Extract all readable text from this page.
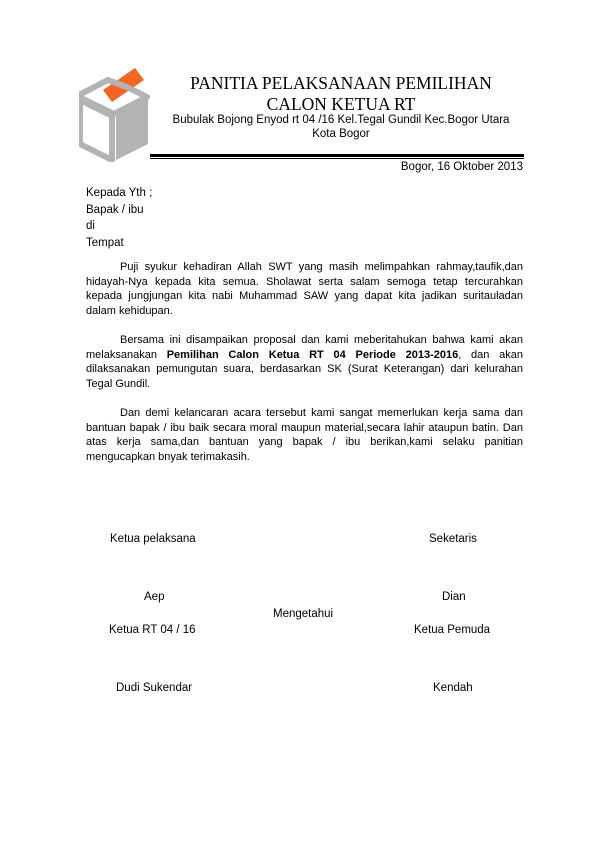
PANITIA PELAKSANAAN PEMILIHAN
CALON KETUA RT
Bubulak Bojong Enyod rt 04 /16 Kel.Tegal Gundil Kec.Bogor Utara
Kota Bogor
Bogor, 16 Oktober 2013
Kepada Yth ;
Bapak / ibu
di
Tempat
Puji syukur kehadiran Allah SWT yang masih melimpahkan rahmay,taufik,dan hidayah-Nya kepada kita semua. Sholawat serta salam semoga tetap tercurahkan kepada jungjungan kita nabi Muhammad SAW yang dapat kita jadikan suritauladan dalam kehidupan.
Bersama ini disampaikan proposal dan kami meberitahukan bahwa kami akan melaksanakan Pemilihan Calon Ketua RT 04 Periode 2013-2016, dan akan dilaksanakan pemungutan suara, berdasarkan SK (Surat Keterangan) dari kelurahan Tegal Gundil.
Dan demi kelancaran acara tersebut kami sangat memerlukan kerja sama dan bantuan bapak / ibu baik secara moral maupun material,secara lahir ataupun batin. Dan atas kerja sama,dan bantuan yang bapak / ibu berikan,kami selaku panitian mengucapkan bnyak terimakasih.
Ketua pelaksana	Seketaris
Aep	Dian
Mengetahui
Ketua RT 04 / 16	Ketua Pemuda
Dudi Sukendar	Kendah
